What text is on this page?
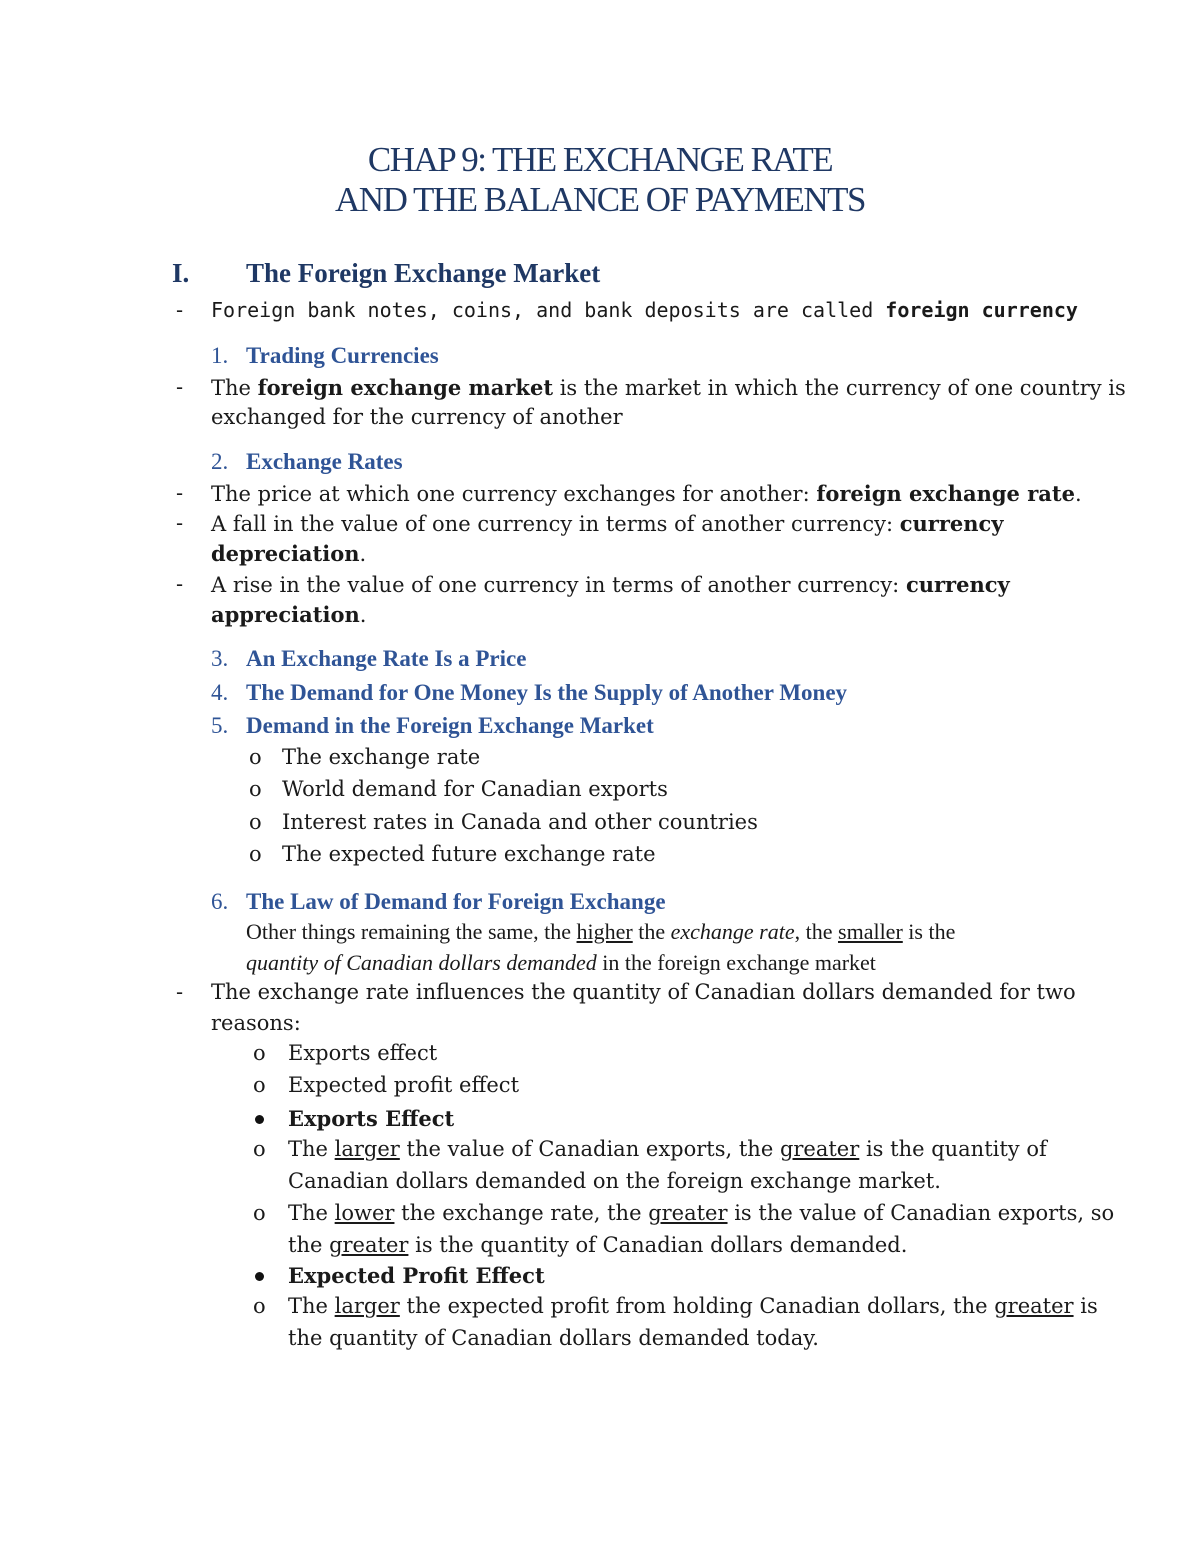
CHAP 9: THE EXCHANGE RATE
AND THE BALANCE OF PAYMENTS
I. The Foreign Exchange Market
- Foreign bank notes, coins, and bank deposits are called foreign currency
1. Trading Currencies
- The foreign exchange market is the market in which the currency of one country is
exchanged for the currency of another
2. Exchange Rates
- The price at which one currency exchanges for another: foreign exchange rate.
- A fall in the value of one currency in terms of another currency: currency
depreciation.
- A rise in the value of one currency in terms of another currency: currency
appreciation.
3. An Exchange Rate Is a Price
4. The Demand for One Money Is the Supply of Another Money
5. Demand in the Foreign Exchange Market
o The exchange rate
o World demand for Canadian exports
o Interest rates in Canada and other countries
o The expected future exchange rate
6. The Law of Demand for Foreign Exchange
Other things remaining the same, the higher the exchange rate, the smaller is the
quantity of Canadian dollars demanded in the foreign exchange market
- The exchange rate influences the quantity of Canadian dollars demanded for two
reasons:
o Exports effect
o Expected profit effect
Exports Effect
o The larger the value of Canadian exports, the greater is the quantity of
Canadian dollars demanded on the foreign exchange market.
o The lower the exchange rate, the greater is the value of Canadian exports, so
the greater is the quantity of Canadian dollars demanded.
Expected Profit Effect
o The larger the expected profit from holding Canadian dollars, the greater is
the quantity of Canadian dollars demanded today.
